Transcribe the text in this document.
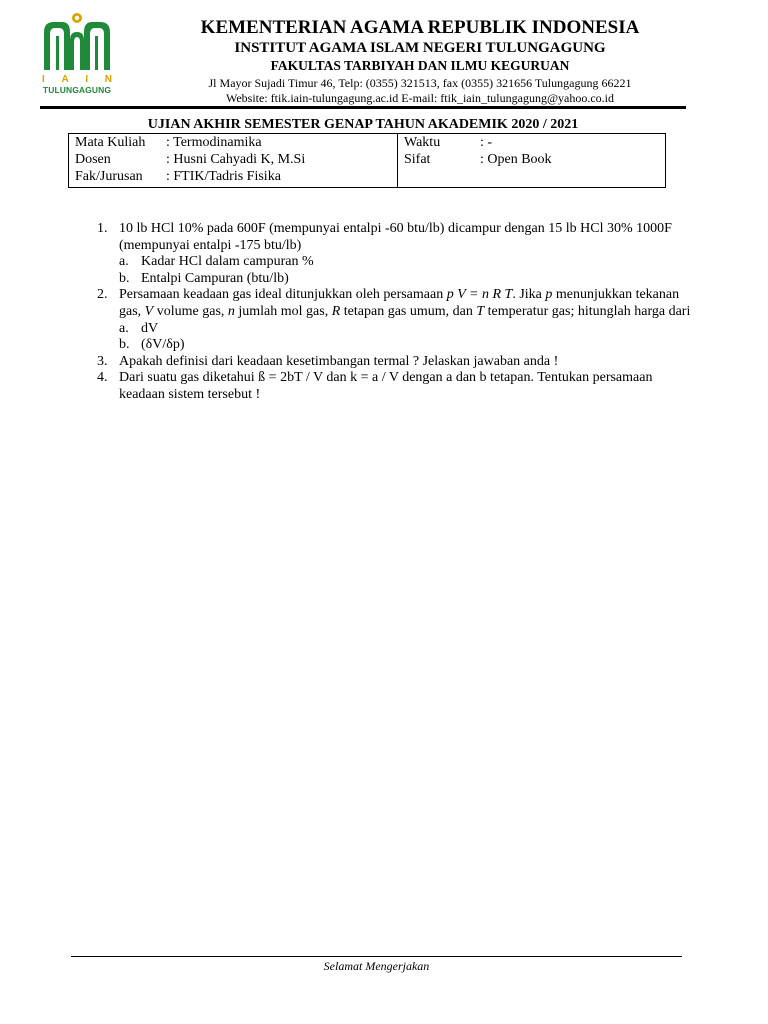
I A I N
TULUNGAGUNG
KEMENTERIAN AGAMA REPUBLIK INDONESIA
INSTITUT AGAMA ISLAM NEGERI TULUNGAGUNG
FAKULTAS TARBIYAH DAN ILMU KEGURUAN
Jl Mayor Sujadi Timur 46, Telp: (0355) 321513, fax (0355) 321656 Tulungagung 66221
Website: ftik.iain-tulungagung.ac.id E-mail: ftik_iain_tulungagung@yahoo.co.id
UJIAN AKHIR SEMESTER GENAP TAHUN AKADEMIK 2020 / 2021
Mata Kuliah : Termodinamika
Dosen	: Husni Cahyadi K, M.Si
Fak/Jurusan : FTIK/Tadris Fisika
Waktu	: -
Sifat	: Open Book
1. 10 lb HCl 10% pada 600F (mempunyai entalpi -60 btu/lb) dicampur dengan 15 lb HCl 30% 1000F (mempunyai entalpi -175 btu/lb)
a. Kadar HCl dalam campuran %
b. Entalpi Campuran (btu/lb)
2. Persamaan keadaan gas ideal ditunjukkan oleh persamaan p V = n R T. Jika p menunjukkan tekanan gas, V volume gas, n jumlah mol gas, R tetapan gas umum, dan T temperatur gas; hitunglah harga dari
a. dV
b. (δV/δp)
3. Apakah definisi dari keadaan kesetimbangan termal ? Jelaskan jawaban anda !
4. Dari suatu gas diketahui ß = 2bT / V dan k = a / V dengan a dan b tetapan. Tentukan persamaan keadaan sistem tersebut !
Selamat Mengerjakan
